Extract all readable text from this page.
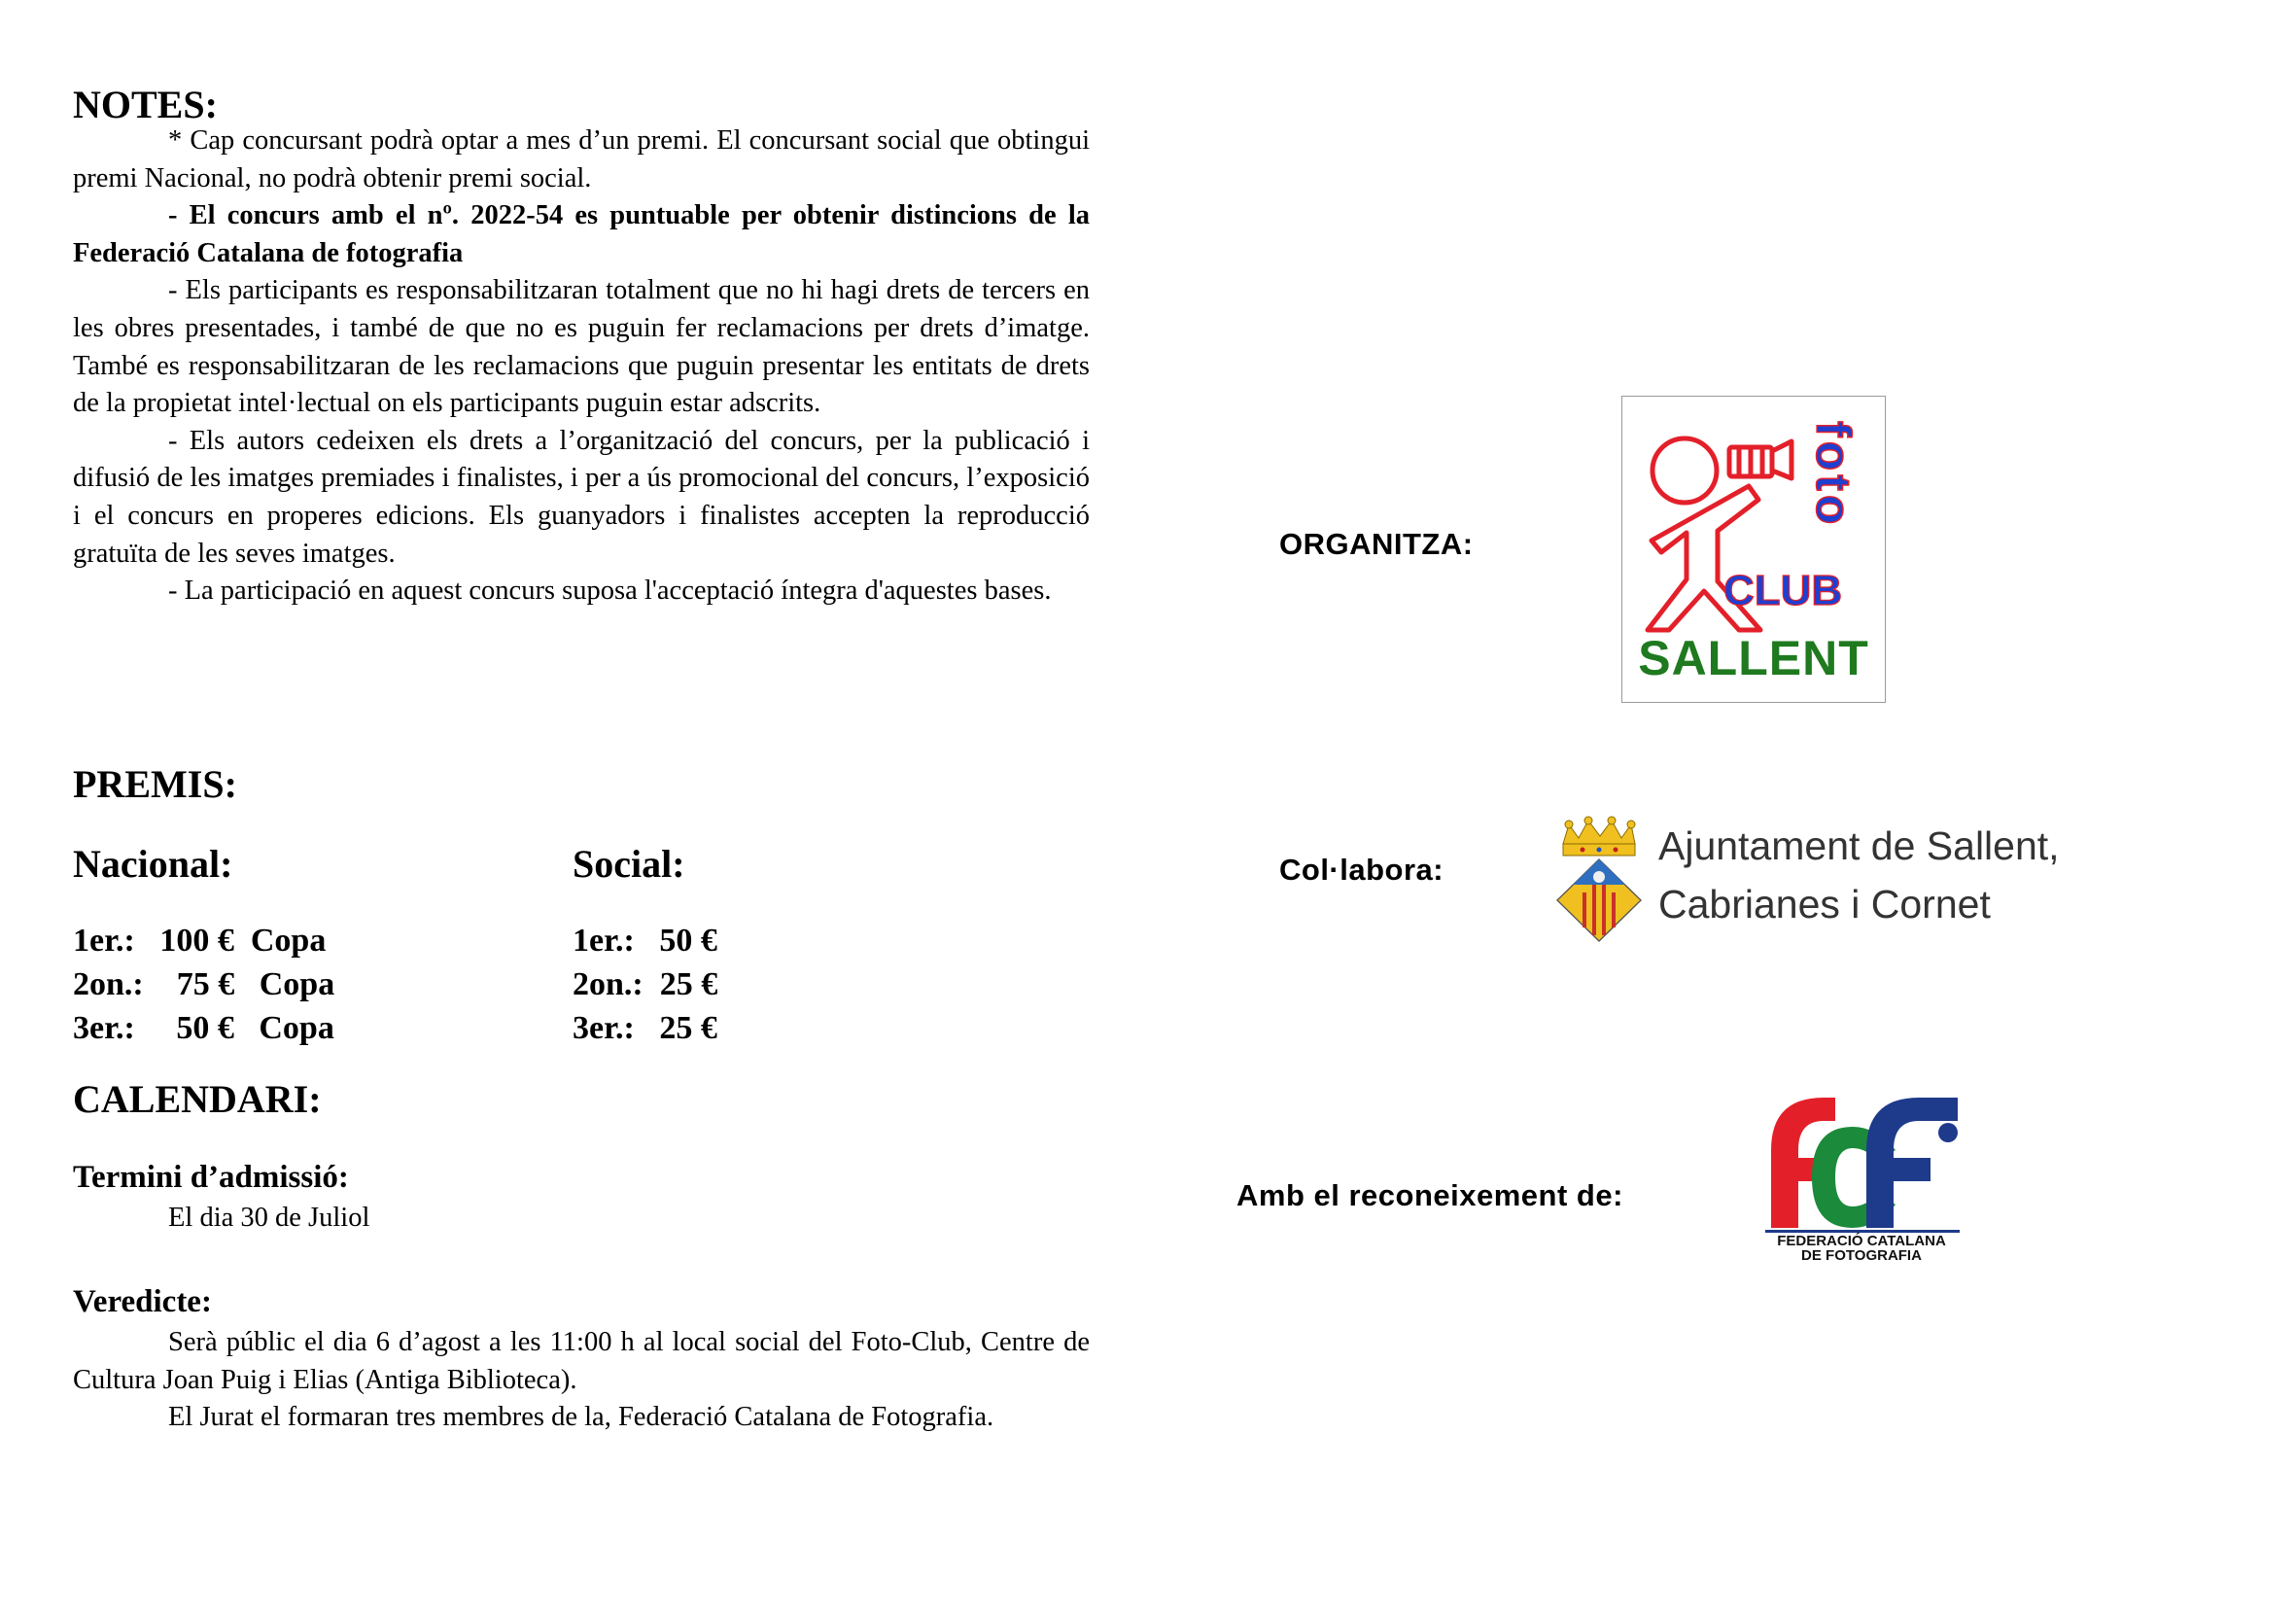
NOTES:

* Cap concursant podrà optar a mes d’un premi. El concursant social que obtingui premi Nacional, no podrà obtenir premi social.

- El concurs amb el nº. 2022-54 es puntuable per obtenir distincions de la Federació Catalana de fotografia

- Els participants es responsabilitzaran totalment que no hi hagi drets de tercers en les obres presentades, i també de que no es puguin fer reclamacions per drets d’imatge. També es responsabilitzaran de les reclamacions que puguin presentar les entitats de drets de la propietat intel·lectual on els participants puguin estar adscrits.

- Els autors cedeixen els drets a l’organització del concurs, per la publicació i difusió de les imatges premiades i finalistes, i per a ús promocional del concurs, l’exposició i el concurs en properes edicions. Els guanyadors i finalistes accepten la reproducció gratuïta de les seves imatges.

- La participació en aquest concurs suposa l'acceptació íntegra d'aquestes bases.

PREMIS:
Nacional:	Social:
1er.:   100 €  Copa
2on.:    75 €   Copa
3er.:     50 €   Copa
1er.:   50 €
2on.:  25 €
3er.:   25 €
CALENDARI:
Termini d’admissió:
El dia 30 de Juliol
Veredicte:

Serà públic el dia 6 d’agost a les 11:00 h al local social del Foto-Club, Centre de Cultura Joan Puig i Elias (Antiga Biblioteca).

El Jurat el formaran tres membres de la, Federació Catalana de Fotografia.

ORGANITZA:
foto
CLUB
SALLENT
Col·labora:
Ajuntament de Sallent,
Cabrianes i Cornet
Amb el reconeixement de:
FEDERACIÓ CATALANA
DE FOTOGRAFIA
